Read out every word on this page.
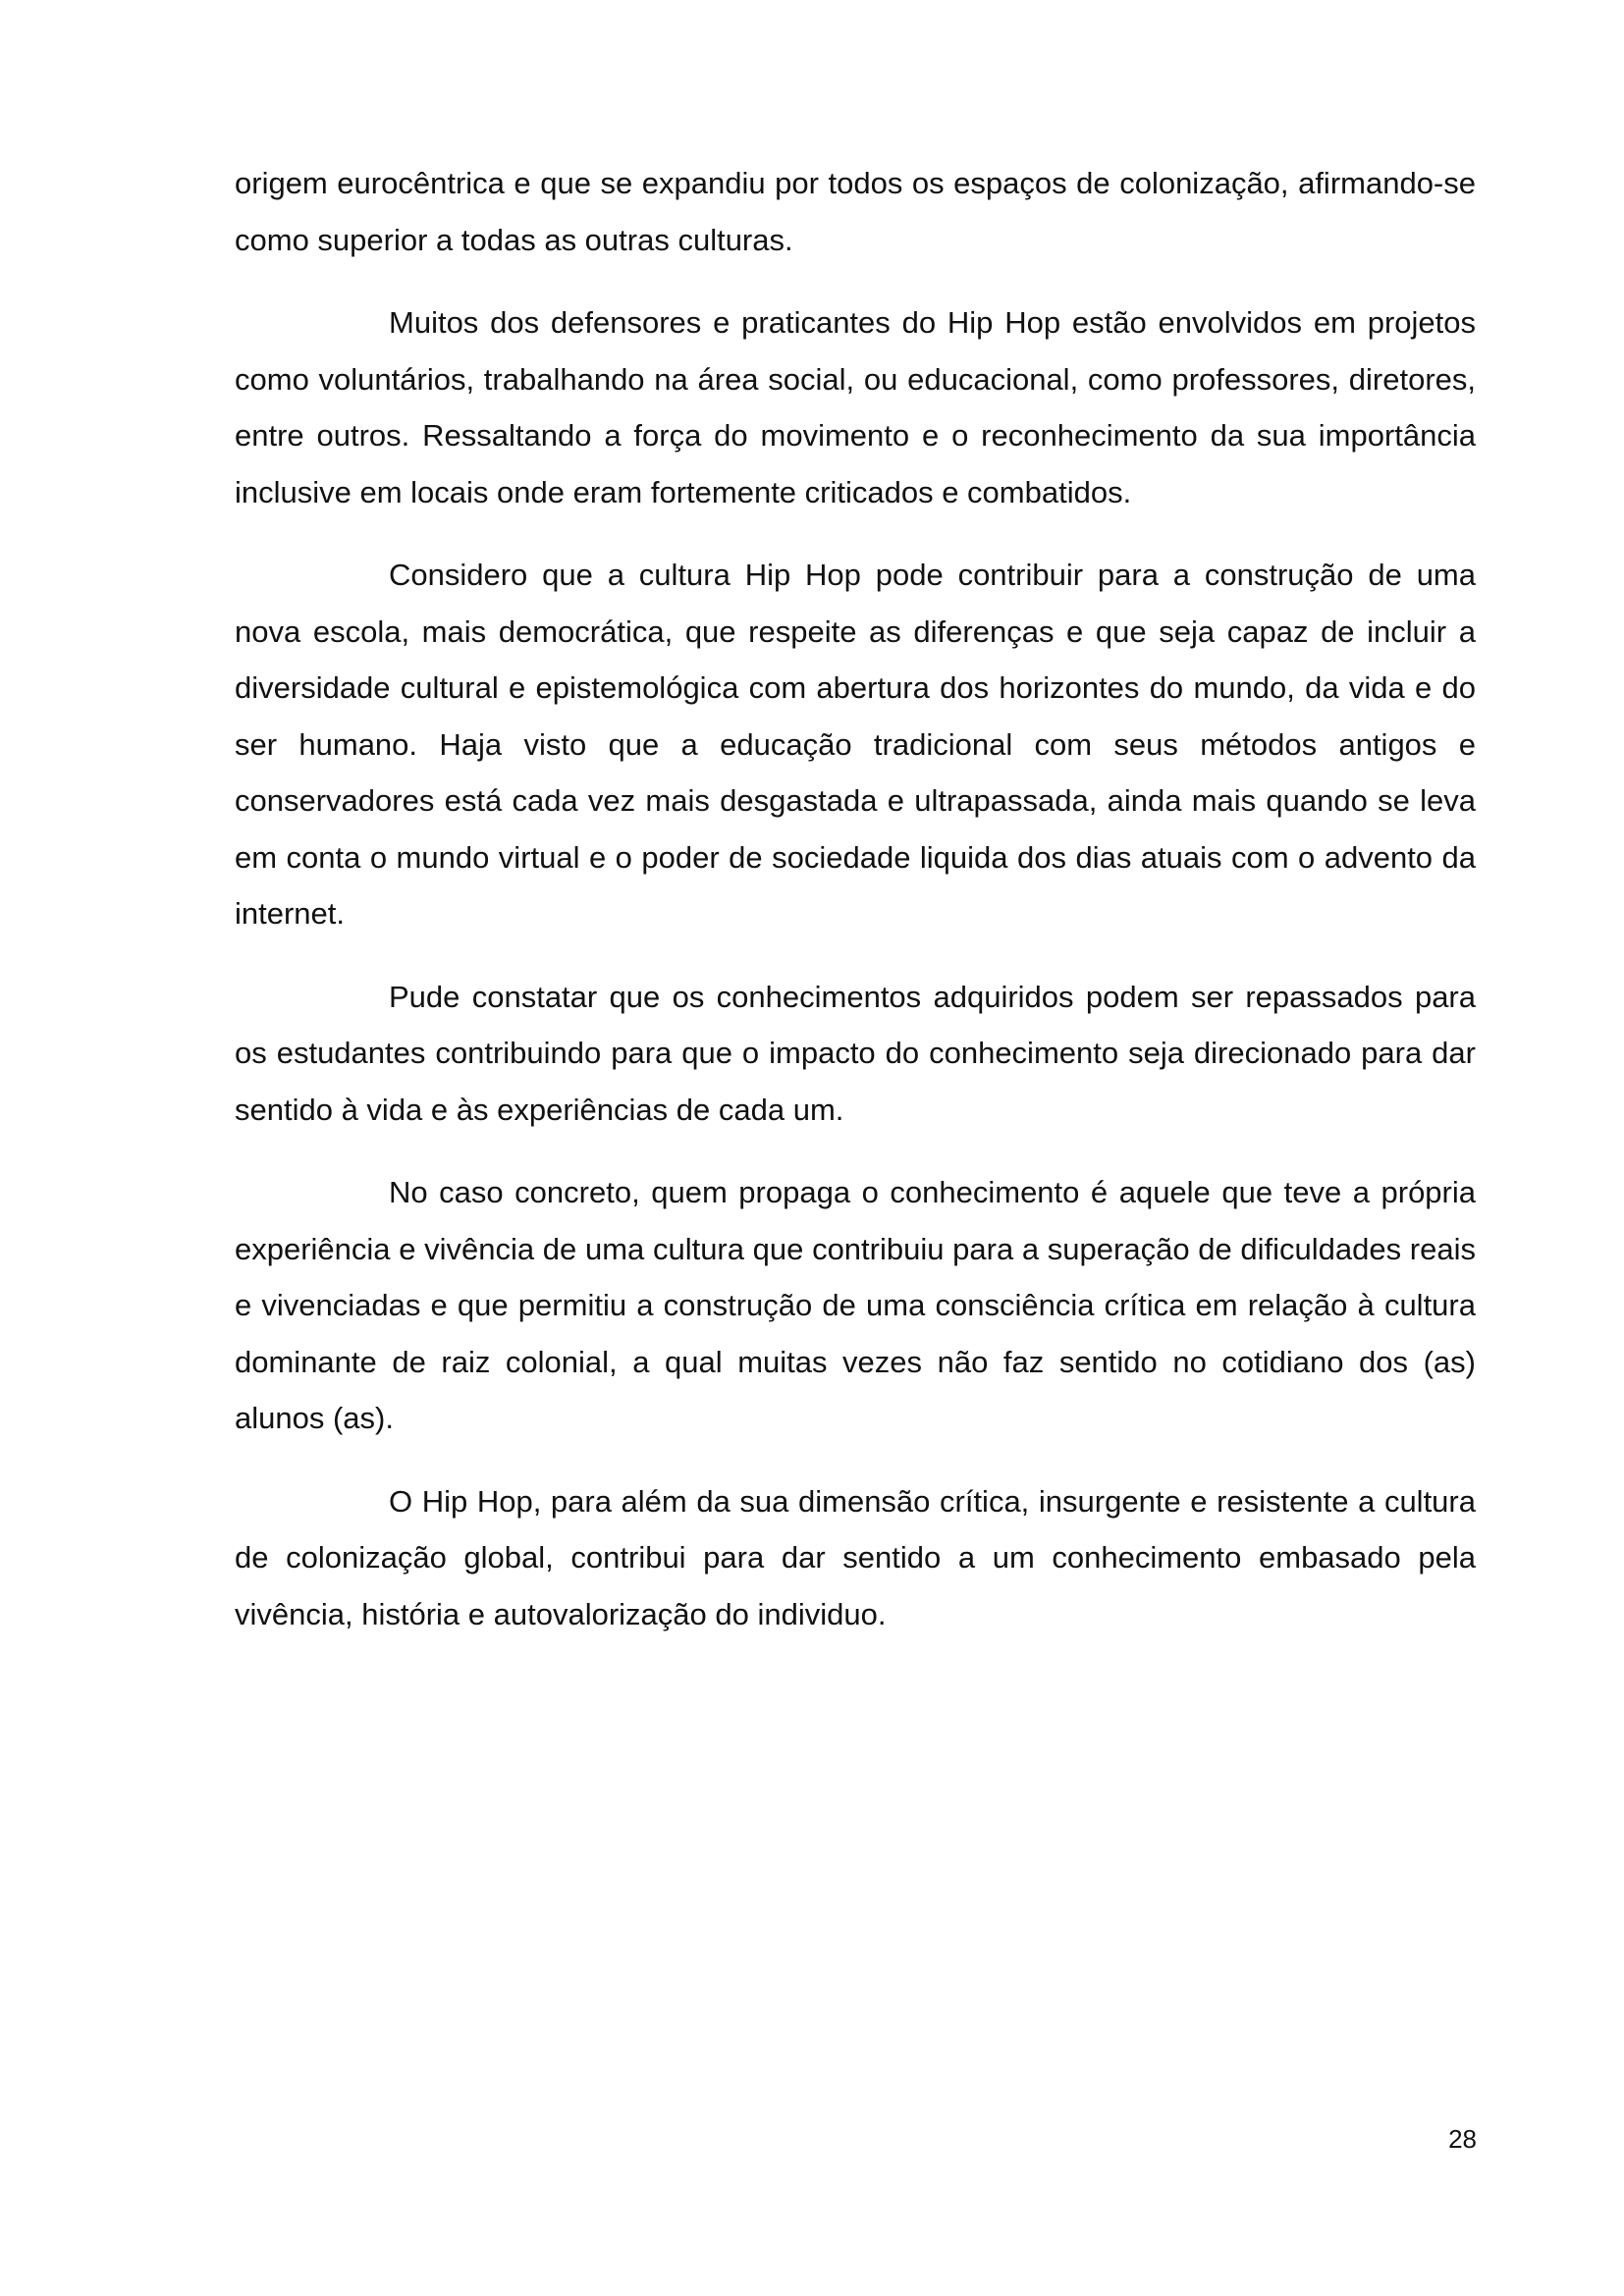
origem eurocêntrica e que se expandiu por todos os espaços de colonização, afirmando-se como superior a todas as outras culturas.

Muitos dos defensores e praticantes do Hip Hop estão envolvidos em projetos como voluntários, trabalhando na área social, ou educacional, como professores, diretores, entre outros. Ressaltando a força do movimento e o reconhecimento da sua importância inclusive em locais onde eram fortemente criticados e combatidos.

Considero que a cultura Hip Hop pode contribuir para a construção de uma nova escola, mais democrática, que respeite as diferenças e que seja capaz de incluir a diversidade cultural e epistemológica com abertura dos horizontes do mundo, da vida e do ser humano. Haja visto que a educação tradicional com seus métodos antigos e conservadores está cada vez mais desgastada e ultrapassada, ainda mais quando se leva em conta o mundo virtual e o poder de sociedade liquida dos dias atuais com o advento da internet.

Pude constatar que os conhecimentos adquiridos podem ser repassados para os estudantes contribuindo para que o impacto do conhecimento seja direcionado para dar sentido à vida e às experiências de cada um.

No caso concreto, quem propaga o conhecimento é aquele que teve a própria experiência e vivência de uma cultura que contribuiu para a superação de dificuldades reais e vivenciadas e que permitiu a construção de uma consciência crítica em relação à cultura dominante de raiz colonial, a qual muitas vezes não faz sentido no cotidiano dos (as) alunos (as).

O Hip Hop, para além da sua dimensão crítica, insurgente e resistente a cultura de colonização global, contribui para dar sentido a um conhecimento embasado pela vivência, história e autovalorização do individuo.

28
